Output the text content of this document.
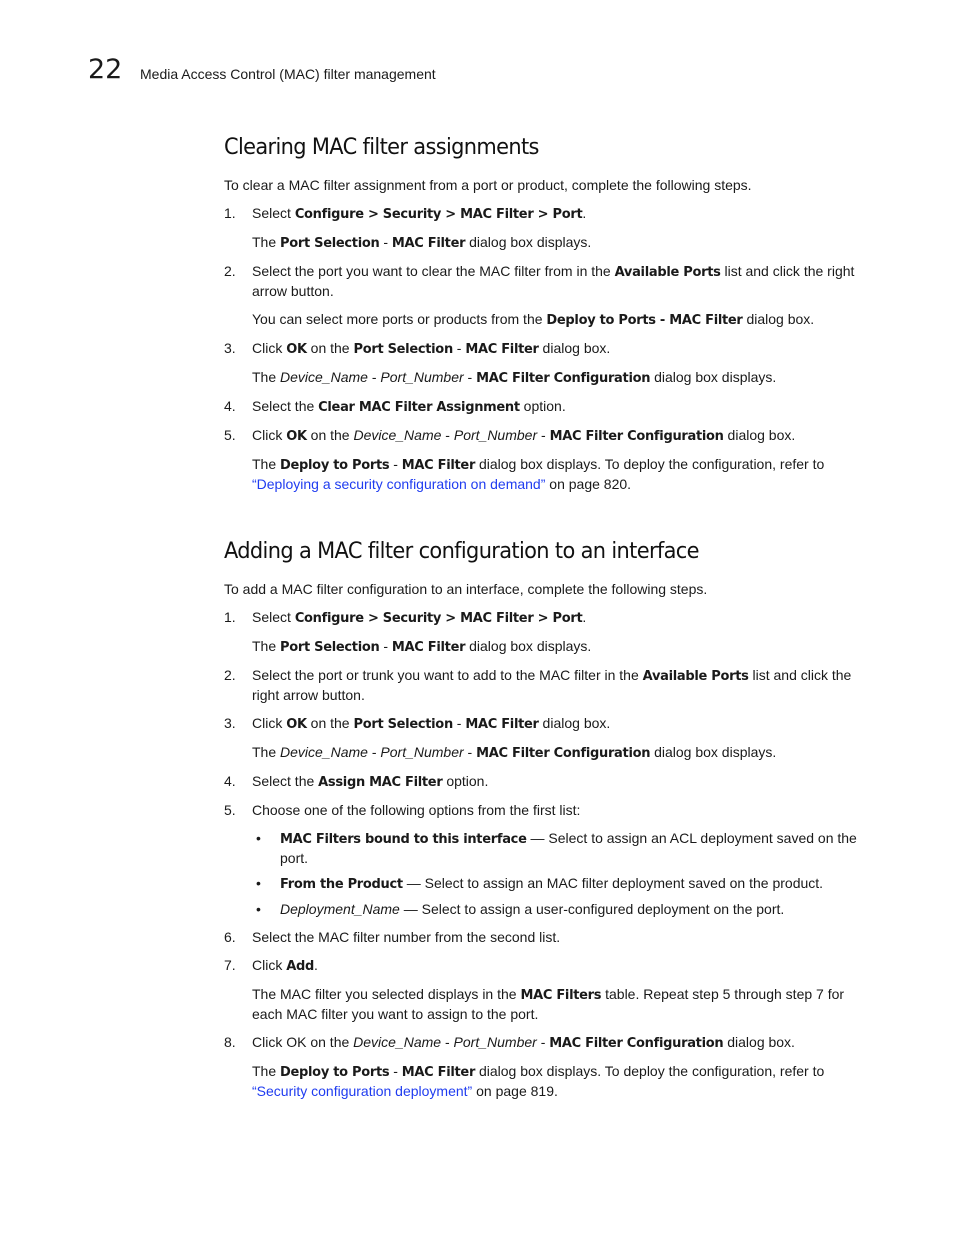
22 Media Access Control (MAC) filter management
Clearing MAC filter assignments

To clear a MAC filter assignment from a port or product, complete the following steps.

1. Select Configure > Security > MAC Filter > Port.

The Port Selection - MAC Filter dialog box displays.

2. Select the port you want to clear the MAC filter from in the Available Ports list and click the right arrow button.

You can select more ports or products from the Deploy to Ports - MAC Filter dialog box.

3. Click OK on the Port Selection - MAC Filter dialog box.

The Device_Name - Port_Number - MAC Filter Configuration dialog box displays.

4. Select the Clear MAC Filter Assignment option.

5. Click OK on the Device_Name - Port_Number - MAC Filter Configuration dialog box.

The Deploy to Ports - MAC Filter dialog box displays. To deploy the configuration, refer to “Deploying a security configuration on demand” on page 820.

Adding a MAC filter configuration to an interface

To add a MAC filter configuration to an interface, complete the following steps.

1. Select Configure > Security > MAC Filter > Port.

The Port Selection - MAC Filter dialog box displays.

2. Select the port or trunk you want to add to the MAC filter in the Available Ports list and click the right arrow button.

3. Click OK on the Port Selection - MAC Filter dialog box.

The Device_Name - Port_Number - MAC Filter Configuration dialog box displays.

4. Select the Assign MAC Filter option.

5. Choose one of the following options from the first list:

• MAC Filters bound to this interface — Select to assign an ACL deployment saved on the port.
• From the Product — Select to assign an MAC filter deployment saved on the product.
• Deployment_Name — Select to assign a user-configured deployment on the port.

6. Select the MAC filter number from the second list.

7. Click Add.

The MAC filter you selected displays in the MAC Filters table. Repeat step 5 through step 7 for each MAC filter you want to assign to the port.

8. Click OK on the Device_Name - Port_Number - MAC Filter Configuration dialog box.

The Deploy to Ports - MAC Filter dialog box displays. To deploy the configuration, refer to “Security configuration deployment” on page 819.
